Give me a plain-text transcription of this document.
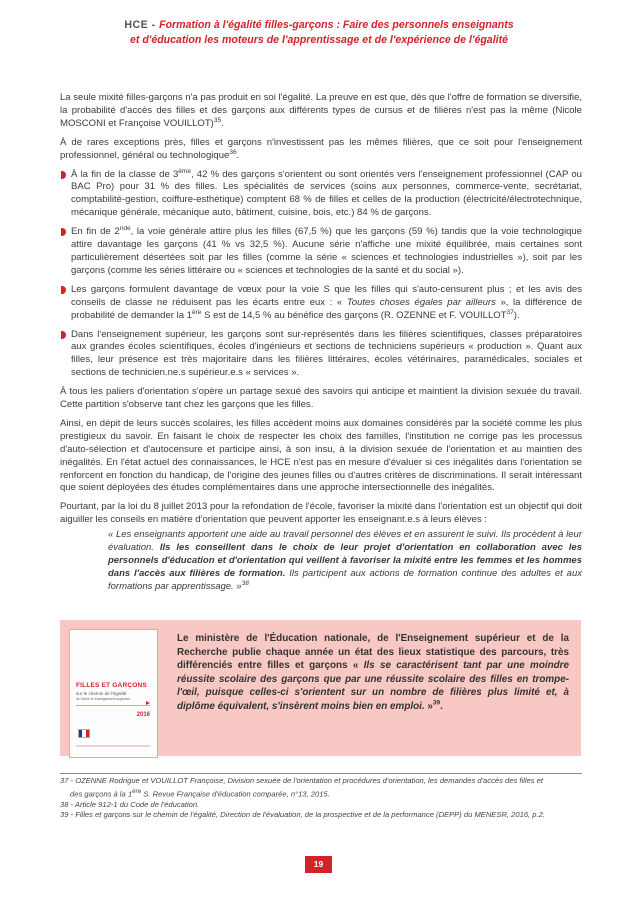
HCE - Formation à l'égalité filles-garçons : Faire des personnels enseignants
et d'éducation les moteurs de l'apprentissage et de l'expérience de l'égalité

La seule mixité filles-garçons n'a pas produit en soi l'égalité. La preuve en est que, dès que l'offre de formation se diversifie, la probabilité d'accès des filles et des garçons aux différents types de cursus et de filières n'est pas la même (Nicole MOSCONI et Françoise VOUILLOT)$^{35}$.

À de rares exceptions près, filles et garçons n'investissent pas les mêmes filières, que ce soit pour l'enseignement professionnel, général ou technologique$^{36}$.

À la fin de la classe de 3ème, 42 % des garçons s'orientent ou sont orientés vers l'enseignement professionnel (CAP ou BAC Pro) pour 31 % des filles. Les spécialités de services (soins aux personnes, commerce-vente, secrétariat, comptabilité-gestion, coiffure-esthétique) comptent 68 % de filles et celles de la production (électricité/électrotechnique, mécanique générale, mécanique auto, bâtiment, cuisine, bois, etc.) 84 % de garçons.
En fin de 2nde, la voie générale attire plus les filles (67,5 %) que les garçons (59 %) tandis que la voie technologique attire davantage les garçons (41 % vs 32,5 %). Aucune série n'affiche une mixité équilibrée, mais certaines sont particulièrement désertées soit par les filles (comme la série « sciences et technologies industrielles »), soit par les garçons (comme les séries littéraire ou « sciences et technologies de la santé et du social »).
Les garçons formulent davantage de vœux pour la voie S que les filles qui s'auto-censurent plus ; et les avis des conseils de classe ne réduisent pas les écarts entre eux : « Toutes choses égales par ailleurs », la différence de probabilité de demander la 1ère S est de 14,5 % au bénéfice des garçons (R. OZENNE et F. VOUILLOT$^{37}$).
Dans l'enseignement supérieur, les garçons sont sur-représentés dans les filières scientifiques, classes préparatoires aux grandes écoles scientifiques, écoles d'ingénieurs et sections de techniciens supérieurs « production ». Quant aux filles, leur présence est très majoritaire dans les filières littéraires, écoles vétérinaires, paramédicales, sociales et sections de technicien.ne.s supérieur.e.s « services ».

À tous les paliers d'orientation s'opère un partage sexué des savoirs qui anticipe et maintient la division sexuée du travail. Cette partition s'observe tant chez les garçons que les filles.

Ainsi, en dépit de leurs succès scolaires, les filles accèdent moins aux domaines considérés par la société comme les plus prestigieux du savoir. En faisant le choix de respecter les choix des familles, l'institution ne corrige pas les processus d'auto-sélection et d'autocensure et participe ainsi, à son insu, à la division sexuée de l'orientation et au maintien des inégalités. En l'état actuel des connaissances, le HCE n'est pas en mesure d'évaluer si ces inégalités dans l'orientation se renforcent en fonction du handicap, de l'origine des jeunes filles ou d'autres critères de discriminations. Il serait intéressant que soient déployées des études complémentaires dans une approche intersectionnelle des inégalités.

Pourtant, par la loi du 8 juillet 2013 pour la refondation de l'école, favoriser la mixité dans l'orientation est un objectif qui doit aiguiller les conseils en matière d'orientation que peuvent apporter les enseignant.e.s à leurs élèves :

« Les enseignants apportent une aide au travail personnel des élèves et en assurent le suivi. Ils procèdent à leur évaluation. Ils les conseillent dans le choix de leur projet d'orientation en collaboration avec les personnels d'éducation et d'orientation qui veillent à favoriser la mixité entre les femmes et les hommes dans l'accès aux filières de formation. Ils participent aux actions de formation continue des adultes et aux formations par apprentissage. »$^{38}$
FILLES ET GARÇONS
sur le chemin de l'égalité
de l'école à l'enseignement supérieur
2016
Le ministère de l'Éducation nationale, de l'Enseignement supérieur et de la Recherche publie chaque année un état des lieux statistique des parcours, très différenciés entre filles et garçons « Ils se caractérisent tant par une moindre réussite scolaire des garçons que par une réussite scolaire des filles en trompe-l'œil, puisque celles-ci s'orientent sur un nombre de filières plus limité et, à diplôme équivalent, s'insèrent moins bien en emploi. »$^{39}$.

37 - OZENNE Rodrigue et VOUILLOT Françoise, Division sexuée de l'orientation et procédures d'orientation, les demandes d'accès des filles et

des garçons à la 1ère S. Revue Française d'éducation comparée, n°13, 2015.

38 - Article 912-1 du Code de l'éducation.

39 - Filles et garçons sur le chemin de l'égalité, Direction de l'évaluation, de la prospective et de la performance (DEPP) du MENESR, 2016, p.2.

19
